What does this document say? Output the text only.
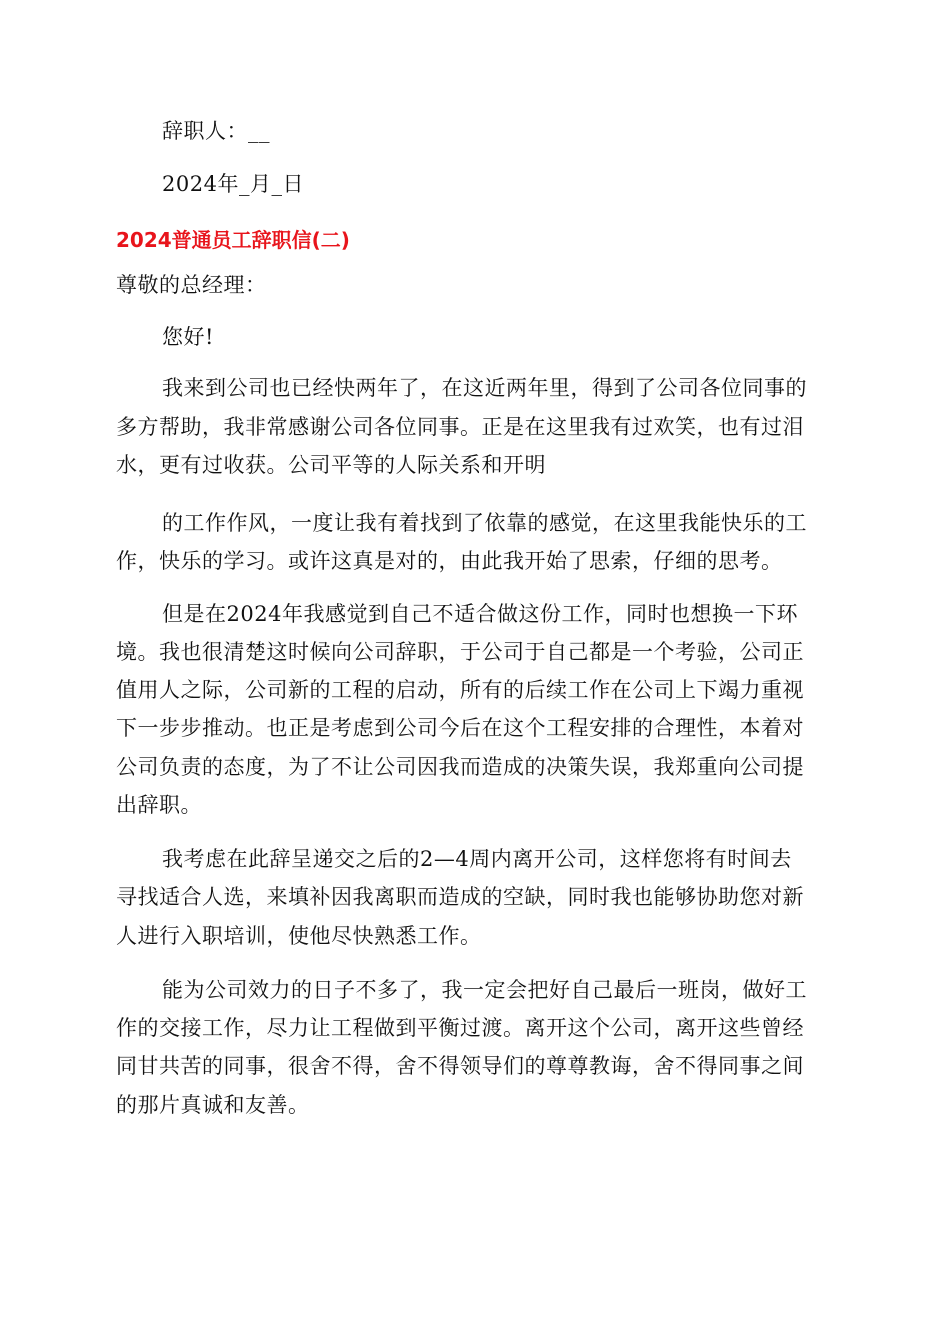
辞职人：__
2024年_月_日
2024普通员工辞职信(二)
尊敬的总经理：
您好!
我来到公司也已经快两年了，在这近两年里，得到了公司各位同事的
多方帮助，我非常感谢公司各位同事。正是在这里我有过欢笑，也有过泪
水，更有过收获。公司平等的人际关系和开明
的工作作风，一度让我有着找到了依靠的感觉，在这里我能快乐的工
作，快乐的学习。或许这真是对的，由此我开始了思索，仔细的思考。
但是在2024年我感觉到自己不适合做这份工作，同时也想换一下环
境。我也很清楚这时候向公司辞职，于公司于自己都是一个考验，公司正
值用人之际，公司新的工程的启动，所有的后续工作在公司上下竭力重视
下一步步推动。也正是考虑到公司今后在这个工程安排的合理性，本着对
公司负责的态度，为了不让公司因我而造成的决策失误，我郑重向公司提
出辞职。
我考虑在此辞呈递交之后的2—4周内离开公司，这样您将有时间去
寻找适合人选，来填补因我离职而造成的空缺，同时我也能够协助您对新
人进行入职培训，使他尽快熟悉工作。
能为公司效力的日子不多了，我一定会把好自己最后一班岗，做好工
作的交接工作，尽力让工程做到平衡过渡。离开这个公司，离开这些曾经
同甘共苦的同事，很舍不得，舍不得领导们的尊尊教诲，舍不得同事之间
的那片真诚和友善。
